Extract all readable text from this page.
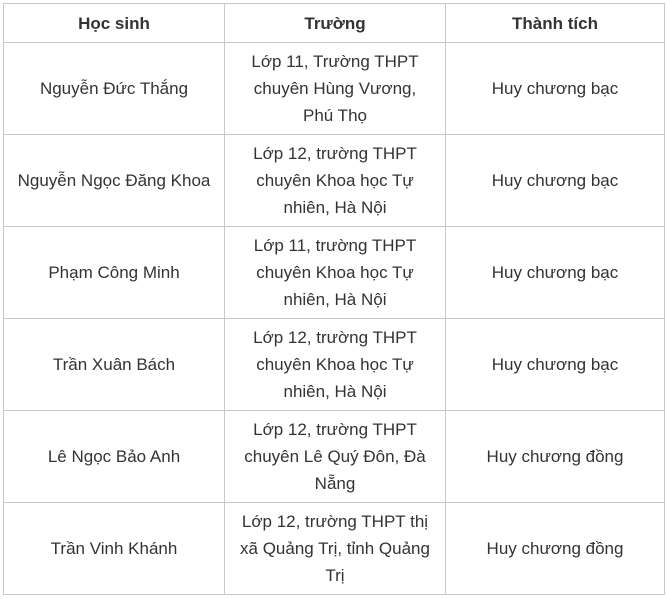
Học sinh	Trường	Thành tích
Nguyễn Đức Thắng	Lớp 11, Trường THPT chuyên Hùng Vương, Phú Thọ	Huy chương bạc
Nguyễn Ngọc Đăng Khoa	Lớp 12, trường THPT chuyên Khoa học Tự nhiên, Hà Nội	Huy chương bạc
Phạm Công Minh	Lớp 11, trường THPT chuyên Khoa học Tự nhiên, Hà Nội	Huy chương bạc
Trần Xuân Bách	Lớp 12, trường THPT chuyên Khoa học Tự nhiên, Hà Nội	Huy chương bạc
Lê Ngọc Bảo Anh	Lớp 12, trường THPT chuyên Lê Quý Đôn, Đà Nẵng	Huy chương đồng
Trần Vinh Khánh	Lớp 12, trường THPT thị xã Quảng Trị, tỉnh Quảng Trị	Huy chương đồng
